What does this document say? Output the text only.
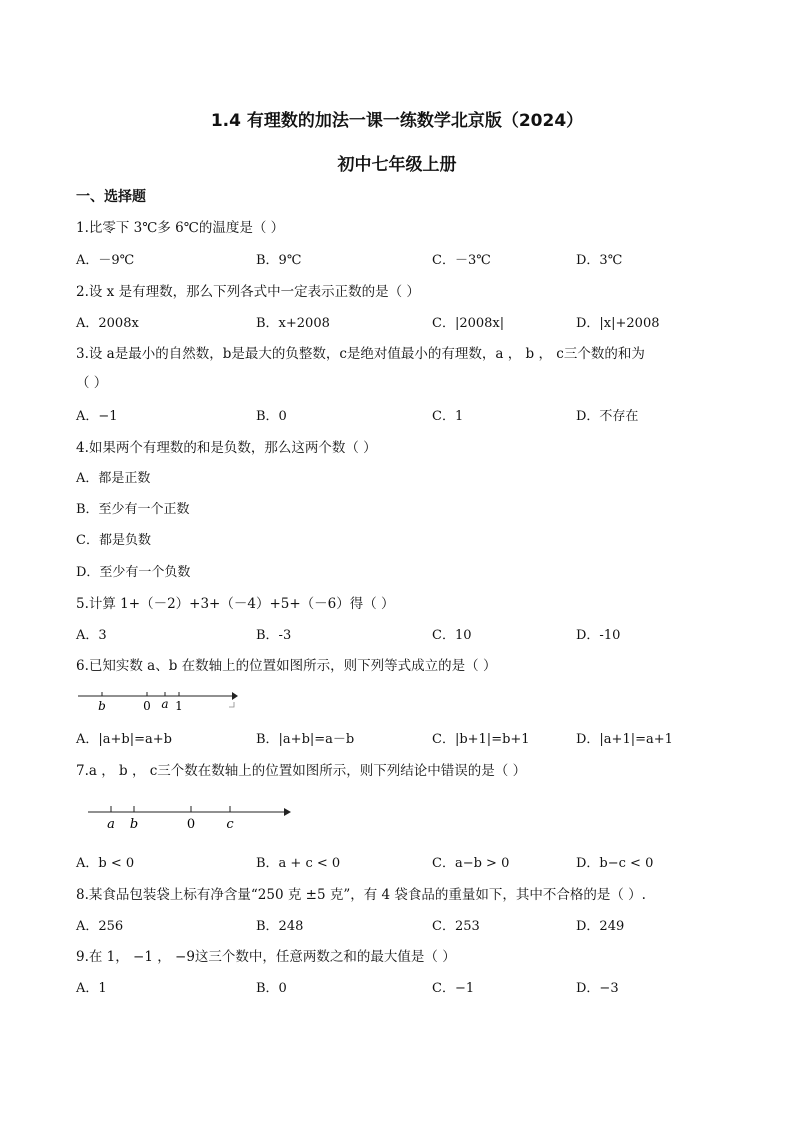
1.4 有理数的加法一课一练数学北京版（2024）
初中七年级上册
一、选择题
1.比零下 3℃多 6℃的温度是（ ）
A．－9℃	B．9℃	C．－3℃	D．3℃
2.设 x 是有理数，那么下列各式中一定表示正数的是（ ）
A．2008x	B．x+2008	C．|2008x|	D．|x|+2008
3.设 a是最小的自然数，b是最大的负整数，c是绝对值最小的有理数，a ， b ， c三个数的和为
（ ）
A．−1	B．0	C．1	D．不存在
4.如果两个有理数的和是负数，那么这两个数（ ）
A．都是正数
B．至少有一个正数
C．都是负数
D．至少有一个负数
5.计算 1+（－2）+3+（－4）+5+（－6）得（ ）
A．3	B．-3	C．10	D．-10
6.已知实数 a、b 在数轴上的位置如图所示，则下列等式成立的是（ ）
b	0 a 1
A．|a+b|=a+b	B．|a+b|=a－b	C．|b+1|=b+1	D．|a+1|=a+1
7.a ， b ， c三个数在数轴上的位置如图所示，则下列结论中错误的是（ ）
a b	0 c
A．b < 0	B．a + c < 0	C．a−b > 0	D．b−c < 0
8.某食品包装袋上标有净含量“250 克 ±5 克”，有 4 袋食品的重量如下，其中不合格的是（ ）.
A．256	B．248	C．253	D．249
9.在 1， −1 ， −9这三个数中，任意两数之和的最大值是（ ）
A．1	B．0	C．−1	D．−3
